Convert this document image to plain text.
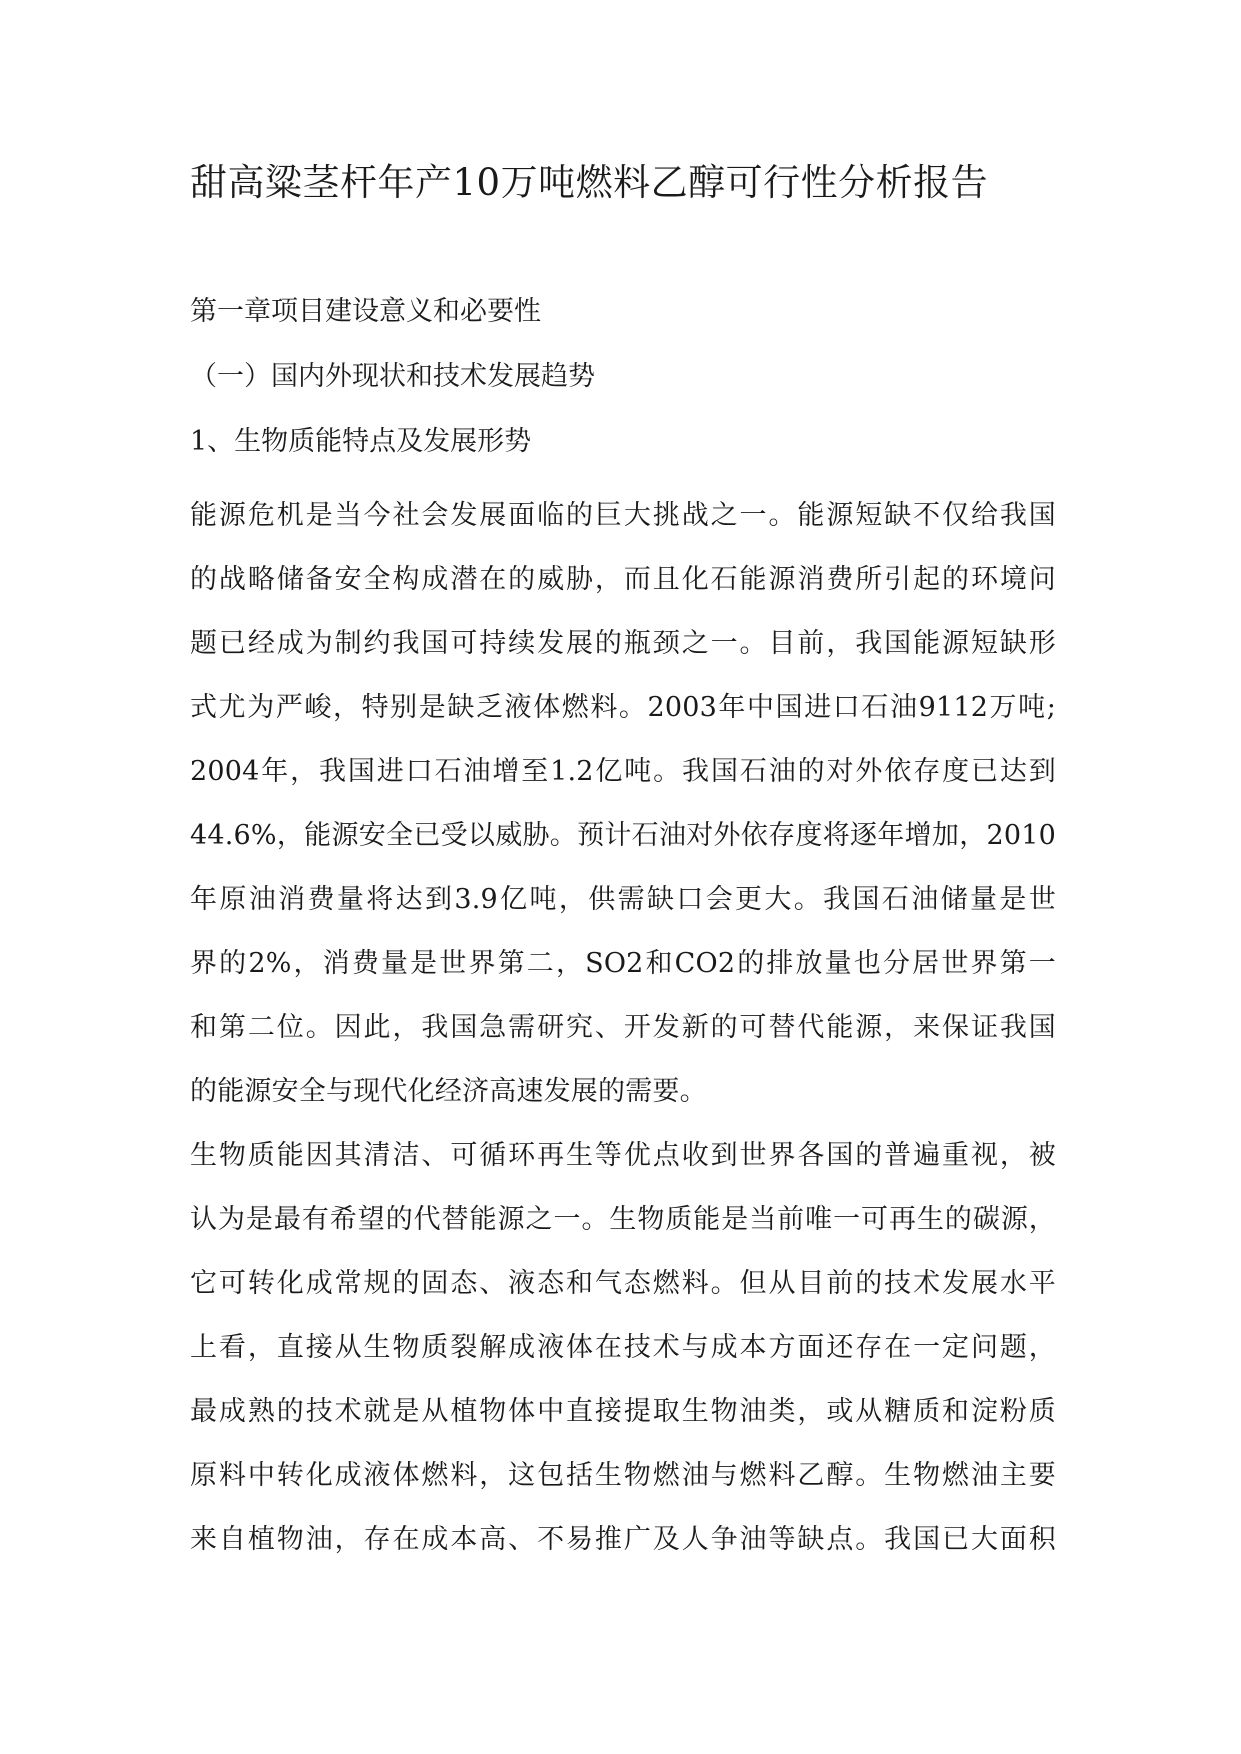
甜高粱茎杆年产10万吨燃料乙醇可行性分析报告
第一章项目建设意义和必要性
（一）国内外现状和技术发展趋势
1、生物质能特点及发展形势
能源危机是当今社会发展面临的巨大挑战之一。能源短缺不仅给我国
的战略储备安全构成潜在的威胁，而且化石能源消费所引起的环境问
题已经成为制约我国可持续发展的瓶颈之一。目前，我国能源短缺形
式尤为严峻，特别是缺乏液体燃料。2003年中国进口石油9112万吨;
2004年，我国进口石油增至1.2亿吨。我国石油的对外依存度已达到
44.6%，能源安全已受以威胁。预计石油对外依存度将逐年增加，2010
年原油消费量将达到3.9亿吨，供需缺口会更大。我国石油储量是世
界的2%，消费量是世界第二，SO2和CO2的排放量也分居世界第一
和第二位。因此，我国急需研究、开发新的可替代能源，来保证我国
的能源安全与现代化经济高速发展的需要。
生物质能因其清洁、可循环再生等优点收到世界各国的普遍重视，被
认为是最有希望的代替能源之一。生物质能是当前唯一可再生的碳源，
它可转化成常规的固态、液态和气态燃料。但从目前的技术发展水平
上看，直接从生物质裂解成液体在技术与成本方面还存在一定问题，
最成熟的技术就是从植物体中直接提取生物油类，或从糖质和淀粉质
原料中转化成液体燃料，这包括生物燃油与燃料乙醇。生物燃油主要
来自植物油，存在成本高、不易推广及人争油等缺点。我国已大面积
